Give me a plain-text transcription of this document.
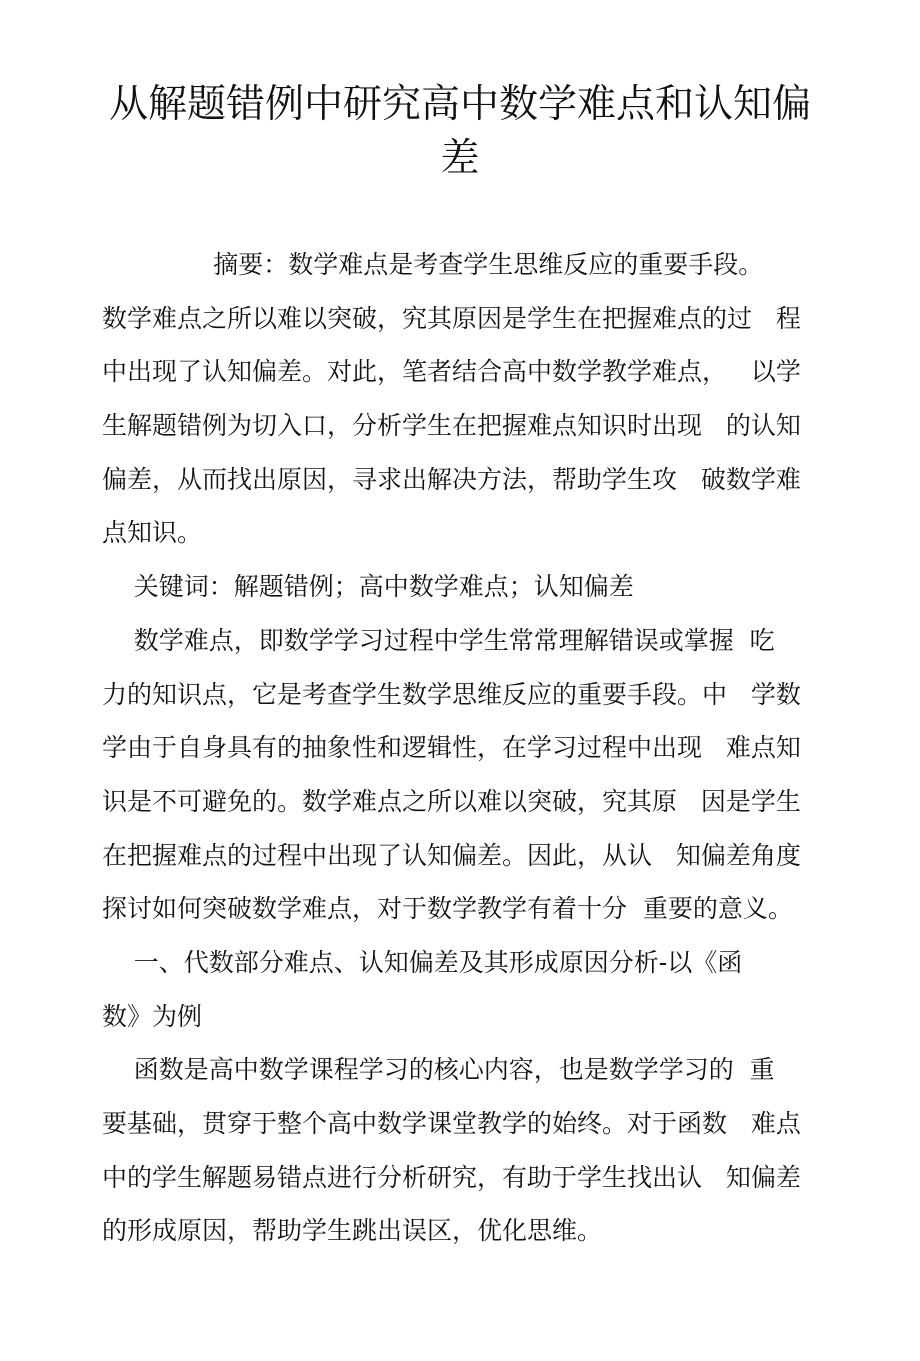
从解题错例中研究高中数学难点和认知偏
差
摘要：数学难点是考查学生思维反应的重要手段。
数学难点之所以难以突破，究其原因是学生在把握难点的过   程
中出现了认知偏差。对此，笔者结合高中数学教学难点，   以学
生解题错例为切入口，分析学生在把握难点知识时出现   的认知
偏差，从而找出原因，寻求出解决方法，帮助学生攻   破数学难
点知识。
关键词：解题错例；高中数学难点；认知偏差
数学难点，即数学学习过程中学生常常理解错误或掌握  吃
力的知识点，它是考查学生数学思维反应的重要手段。中   学数
学由于自身具有的抽象性和逻辑性，在学习过程中出现   难点知
识是不可避免的。数学难点之所以难以突破，究其原   因是学生
在把握难点的过程中出现了认知偏差。因此，从认   知偏差角度
探讨如何突破数学难点，对于数学教学有着十分  重要的意义。
一、代数部分难点、认知偏差及其形成原因分析-以《函
数》为例
函数是高中数学课程学习的核心内容，也是数学学习的  重
要基础，贯穿于整个高中数学课堂教学的始终。对于函数   难点
中的学生解题易错点进行分析研究，有助于学生找出认   知偏差
的形成原因，帮助学生跳出误区，优化思维。
